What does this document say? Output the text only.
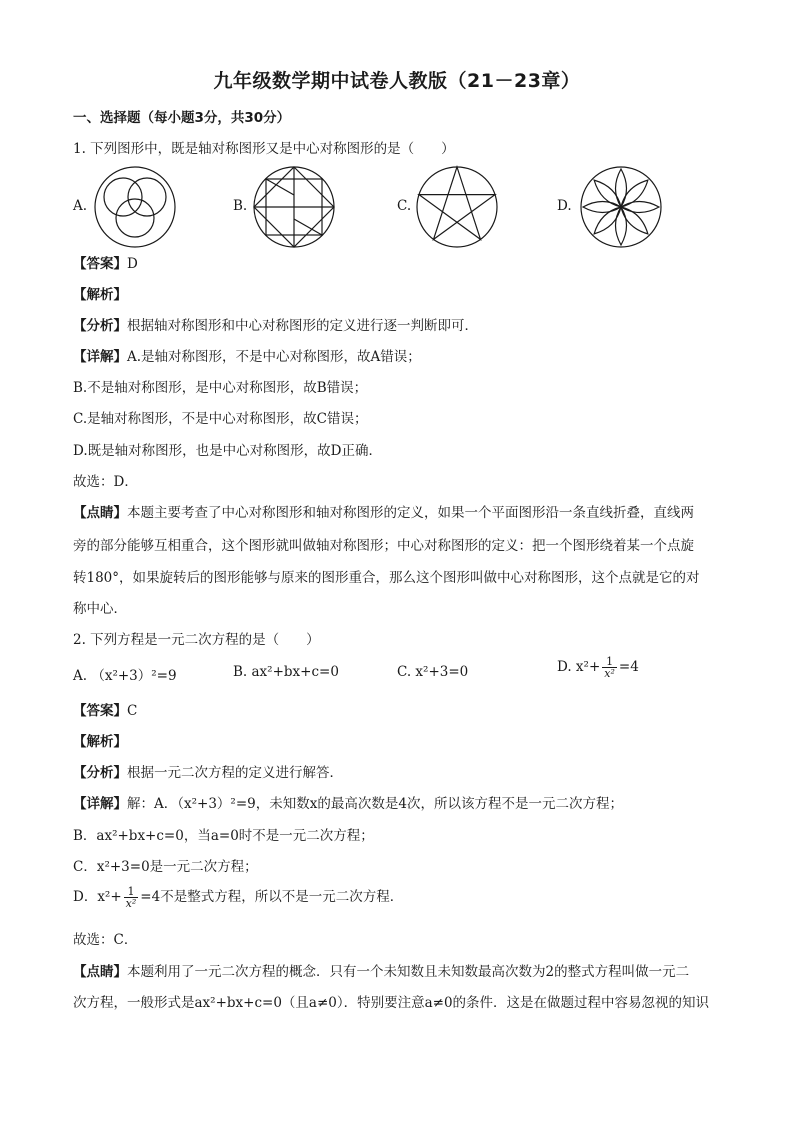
九年级数学期中试卷人教版（21－23章）
一、选择题（每小题3分，共30分）
1. 下列图形中，既是轴对称图形又是中心对称图形的是（　　）
A.	B.	C.	D.
【答案】D
【解析】
【分析】根据轴对称图形和中心对称图形的定义进行逐一判断即可．
【详解】A.是轴对称图形，不是中心对称图形，故A错误；
B.不是轴对称图形，是中心对称图形，故B错误；
C.是轴对称图形，不是中心对称图形，故C错误；
D.既是轴对称图形，也是中心对称图形，故D正确．
故选：D．
【点睛】本题主要考查了中心对称图形和轴对称图形的定义，如果一个平面图形沿一条直线折叠，直线两
旁的部分能够互相重合，这个图形就叫做轴对称图形；中心对称图形的定义：把一个图形绕着某一个点旋
转180°，如果旋转后的图形能够与原来的图形重合，那么这个图形叫做中心对称图形，这个点就是它的对
称中心．
2. 下列方程是一元二次方程的是（　　）
A. （x²+3）²=9	B. ax²+bx+c=0	C. x²+3=0	D. $x^2+ \frac{1}{\text{x²}} =4$
【答案】C
【解析】
【分析】根据一元二次方程的定义进行解答．
【详解】解：A．（x²+3）²=9，未知数x的最高次数是4次，所以该方程不是一元二次方程；
B．ax²+bx+c=0，当a=0时不是一元二次方程；
C．x²+3=0是一元二次方程；
D．$x^2+ \frac{1}{\text{x²}} =4$不是整式方程，所以不是一元二次方程．
故选：C．
【点睛】本题利用了一元二次方程的概念．只有一个未知数且未知数最高次数为2的整式方程叫做一元二
次方程，一般形式是ax²+bx+c=0（且a≠0）．特别要注意a≠0的条件．这是在做题过程中容易忽视的知识
